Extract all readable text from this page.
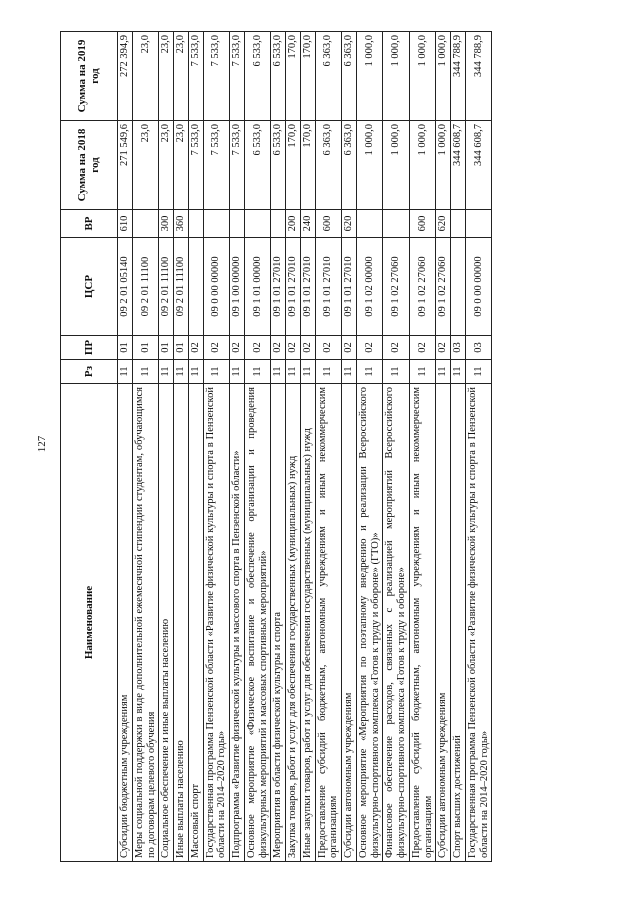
127
Наименование	Рз	ПР	ЦСР	ВР	Сумма на 2018 год	Сумма на 2019 год
Субсидии бюджетным учреждениям	11	01	09 2 01 05140	610	271 549,6	272 394,9
Меры социальной поддержки в виде дополнительной ежемесячной стипендии студентам, обучающимся по договорам целевого обучения	11	01	09 2 01 11100		23,0	23,0
Социальное обеспечение и иные выплаты населению	11	01	09 2 01 11100	300	23,0	23,0
Иные выплаты населению	11	01	09 2 01 11100	360	23,0	23,0
Массовый спорт	11	02			7 533,0	7 533,0
Государственная программа Пензенской области «Развитие физической культуры и спорта в Пензенской области на 2014–2020 годы»	11	02	09 0 00 00000		7 533,0	7 533,0
Подпрограмма «Развитие физической культуры и массового спорта в Пензенской области»	11	02	09 1 00 00000		7 533,0	7 533,0
Основное мероприятие «Физическое воспитание и обеспечение организации и проведения физкультурных мероприятий и массовых спортивных мероприятий»	11	02	09 1 01 00000		6 533,0	6 533,0
Мероприятия в области физической культуры и спорта	11	02	09 1 01 27010		6 533,0	6 533,0
Закупка товаров, работ и услуг для обеспечения государственных (муниципальных) нужд	11	02	09 1 01 27010	200	170,0	170,0
Иные закупки товаров, работ и услуг для обеспечения государственных (муниципальных) нужд	11	02	09 1 01 27010	240	170,0	170,0
Предоставление субсидий бюджетным, автономным учреждениям и иным некоммерческим организациям	11	02	09 1 01 27010	600	6 363,0	6 363,0
Субсидии автономным учреждениям	11	02	09 1 01 27010	620	6 363,0	6 363,0
Основное мероприятие «Мероприятия по поэтапному внедрению и реализации Всероссийского физкультурно-спортивного комплекса «Готов к труду и обороне» (ГТО)»	11	02	09 1 02 00000		1 000,0	1 000,0
Финансовое обеспечение расходов, связанных с реализацией мероприятий Всероссийского физкультурно-спортивного комплекса «Готов к труду и обороне»	11	02	09 1 02 27060		1 000,0	1 000,0
Предоставление субсидий бюджетным, автономным учреждениям и иным некоммерческим организациям	11	02	09 1 02 27060	600	1 000,0	1 000,0
Субсидии автономным учреждениям	11	02	09 1 02 27060	620	1 000,0	1 000,0
Спорт высших достижений	11	03			344 608,7	344 788,9
Государственная программа Пензенской области «Развитие физической культуры и спорта в Пензенской области на 2014–2020 годы»	11	03	09 0 00 00000		344 608,7	344 788,9
